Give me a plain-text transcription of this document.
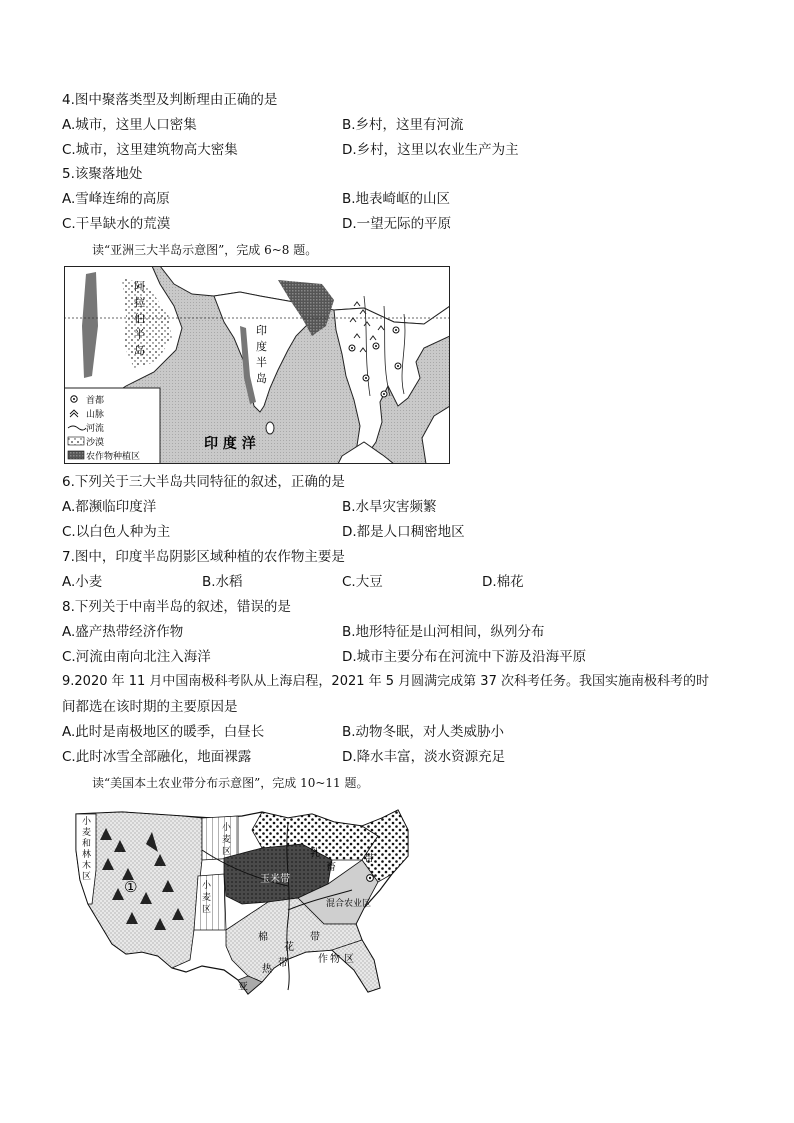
4.图中聚落类型及判断理由正确的是
A.城市，这里人口密集	B.乡村，这里有河流
C.城市，这里建筑物高大密集	D.乡村，这里以农业生产为主
5.该聚落地处
A.雪峰连绵的高原	B.地表崎岖的山区
C.干旱缺水的荒漠	D.一望无际的平原
读“亚洲三大半岛示意图”，完成 6~8 题。
阿
拉
伯
半
岛
印
度
半
岛
印 度 洋
首都
山脉
河流
沙漠
农作物种植区
6.下列关于三大半岛共同特征的叙述，正确的是
A.都濒临印度洋	B.水旱灾害频繁
C.以白色人种为主	D.都是人口稠密地区
7.图中，印度半岛阴影区域种植的农作物主要是
A.小麦	B.水稻	C.大豆	D.棉花
8.下列关于中南半岛的叙述，错误的是
A.盛产热带经济作物	B.地形特征是山河相间，纵列分布
C.河流由南向北注入海洋	D.城市主要分布在河流中下游及沿海平原
9.2020 年 11 月中国南极科考队从上海启程，2021 年 5 月圆满完成第 37 次科考任务。我国实施南极科考的时
间都选在该时期的主要原因是
A.此时是南极地区的暖季，白昼长	B.动物冬眠，对人类威胁小
C.此时冰雪全部融化，地面裸露	D.降水丰富，淡水资源充足
读“美国本土农业带分布示意图”，完成 10~11 题。
①
小
麦
和
林
木
区
小
麦
区
小
麦
区
玉米带
乳
畜
带
混合农业区
棉
花
带
作 物 区
亚
热
带
